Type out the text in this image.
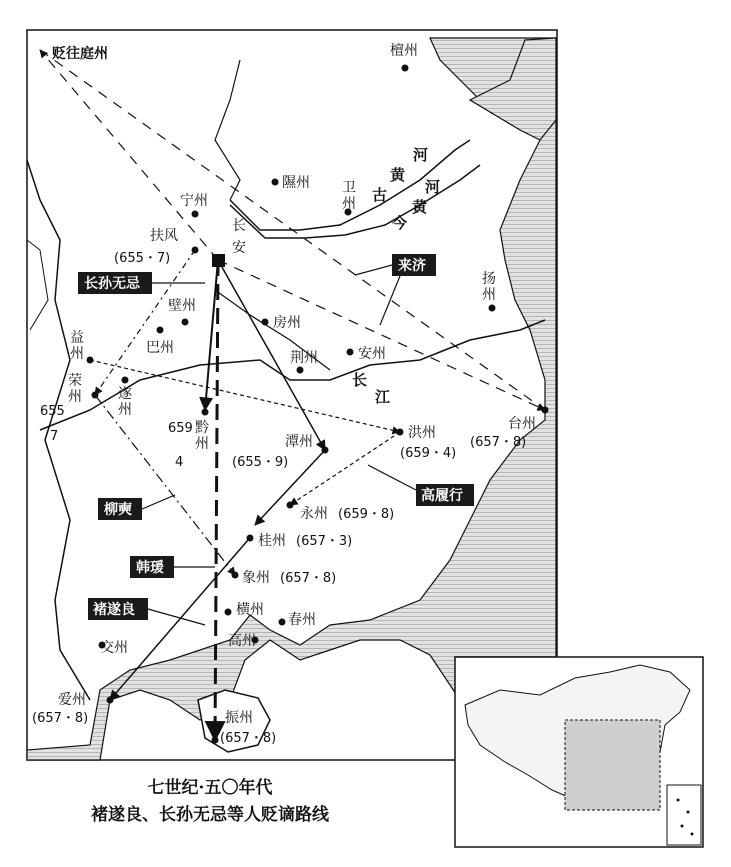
长
安
贬往庭州	檀州
卫
州
隰州
宁州
扶风
(655・7)
壁州
巴州
房州
益
州
荣
州
655
7
遂
州
659 黔
州
4
荆州	安州
潭州
(655・9)
洪州
(659・4)
扬
州
台州
(657・8)
永州 (659・8)
桂州 (657・3)
象州 (657・8)
横州
春州
高州
交州
爱州
(657・8)	振州
(657・8)
黄
古
河
河
黄
今
长
江
长孙无忌
来济
高履行
柳奭
韩瑗
褚遂良
七世纪·五〇年代
褚遂良、长孙无忌等人贬谪路线
